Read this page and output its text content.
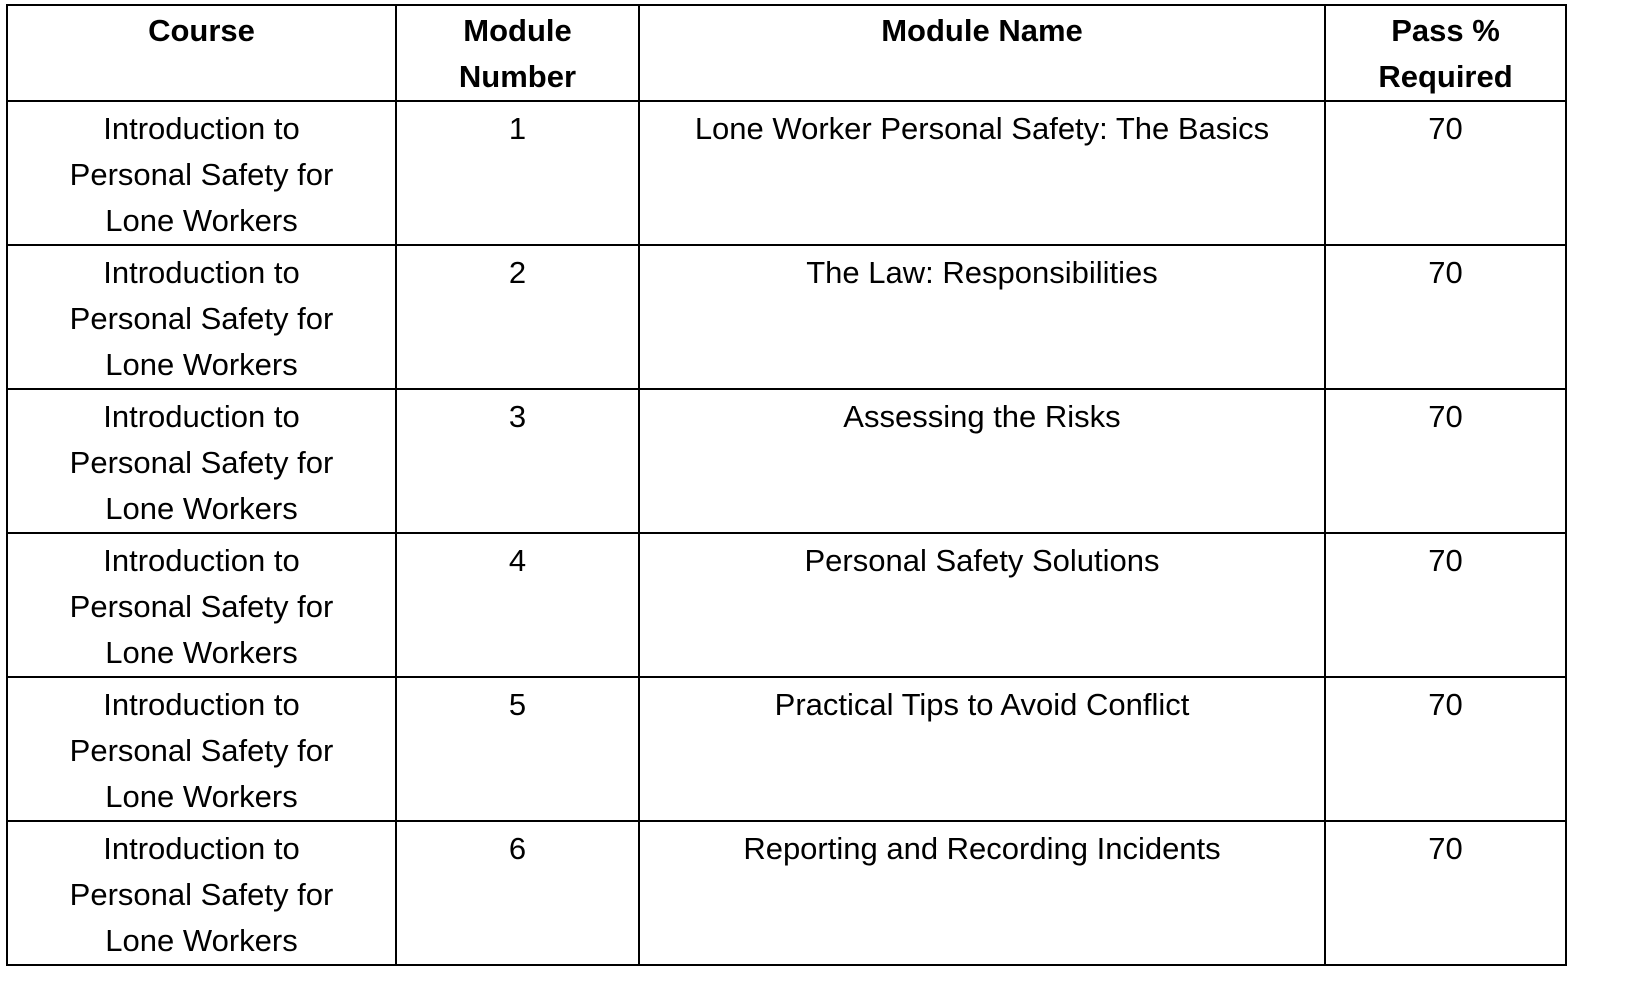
Course	Module Number	Module Name	Pass % Required

Introduction to Personal Safety for Lone Workers	1	Lone Worker Personal Safety: The Basics	70

Introduction to Personal Safety for Lone Workers	2	The Law: Responsibilities	70

Introduction to Personal Safety for Lone Workers	3	Assessing the Risks	70

Introduction to Personal Safety for Lone Workers	4	Personal Safety Solutions	70

Introduction to Personal Safety for Lone Workers	5	Practical Tips to Avoid Conflict	70

Introduction to Personal Safety for Lone Workers	6	Reporting and Recording Incidents	70
